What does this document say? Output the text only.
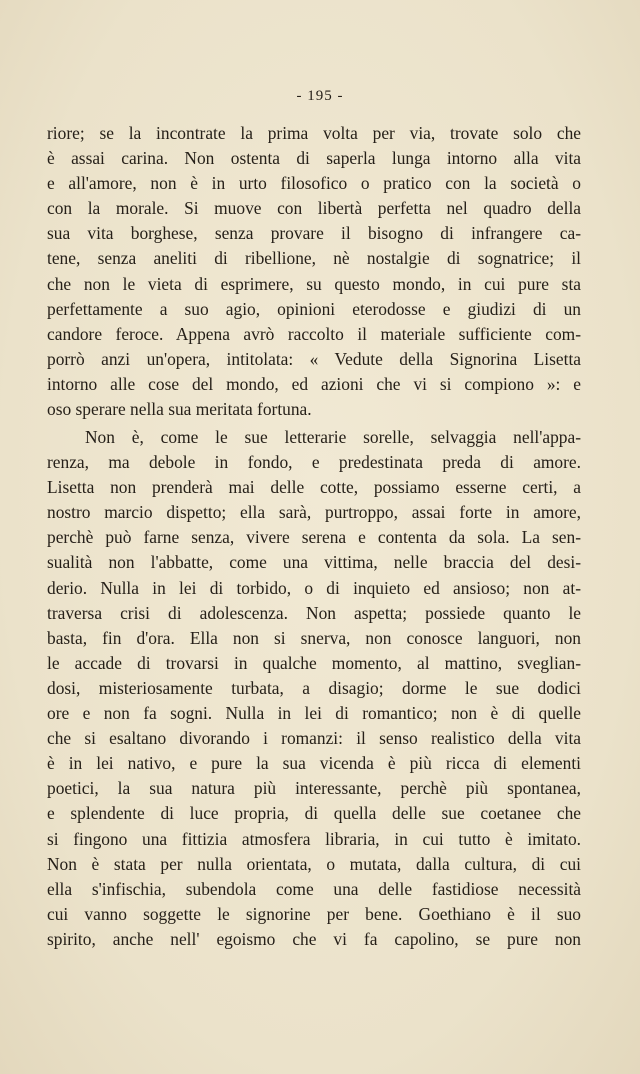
- 195 -
riore; se la incontrate la prima volta per via, trovate solo che
è assai carina. Non ostenta di saperla lunga intorno alla vita
e all'amore, non è in urto filosofico o pratico con la società o
con la morale. Si muove con libertà perfetta nel quadro della
sua vita borghese, senza provare il bisogno di infrangere ca-
tene, senza aneliti di ribellione, nè nostalgie di sognatrice; il
che non le vieta di esprimere, su questo mondo, in cui pure sta
perfettamente a suo agio, opinioni eterodosse e giudizi di un
candore feroce. Appena avrò raccolto il materiale sufficiente com-
porrò anzi un'opera, intitolata: « Vedute della Signorina Lisetta
intorno alle cose del mondo, ed azioni che vi si compiono »: e
oso sperare nella sua meritata fortuna.
Non è, come le sue letterarie sorelle, selvaggia nell'appa-
renza, ma debole in fondo, e predestinata preda di amore.
Lisetta non prenderà mai delle cotte, possiamo esserne certi, a
nostro marcio dispetto; ella sarà, purtroppo, assai forte in amore,
perchè può farne senza, vivere serena e contenta da sola. La sen-
sualità non l'abbatte, come una vittima, nelle braccia del desi-
derio. Nulla in lei di torbido, o di inquieto ed ansioso; non at-
traversa crisi di adolescenza. Non aspetta; possiede quanto le
basta, fin d'ora. Ella non si snerva, non conosce languori, non
le accade di trovarsi in qualche momento, al mattino, sveglian-
dosi, misteriosamente turbata, a disagio; dorme le sue dodici
ore e non fa sogni. Nulla in lei di romantico; non è di quelle
che si esaltano divorando i romanzi: il senso realistico della vita
è in lei nativo, e pure la sua vicenda è più ricca di elementi
poetici, la sua natura più interessante, perchè più spontanea,
e splendente di luce propria, di quella delle sue coetanee che
si fingono una fittizia atmosfera libraria, in cui tutto è imitato.
Non è stata per nulla orientata, o mutata, dalla cultura, di cui
ella s'infischia, subendola come una delle fastidiose necessità
cui vanno soggette le signorine per bene. Goethiano è il suo
spirito, anche nell' egoismo che vi fa capolino, se pure non
